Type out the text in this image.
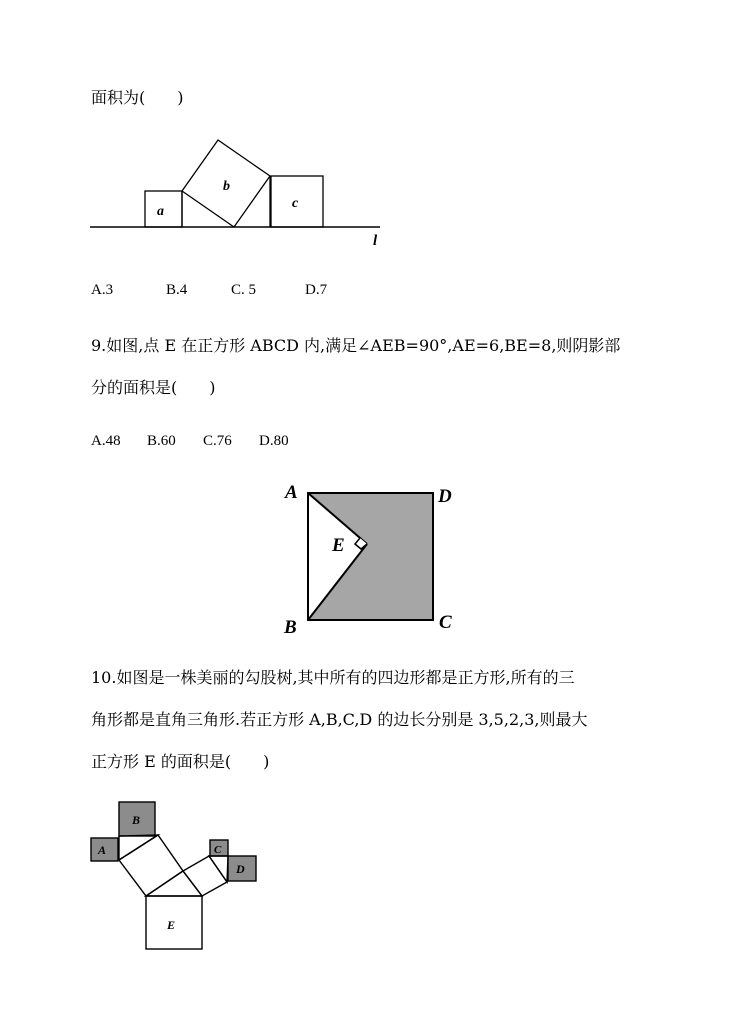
面积为(　　)
a
b
c
l
A.3	B.4	C. 5	D.7
9.如图,点 E 在正方形 ABCD 内,满足∠AEB=90°,AE=6,BE=8,则阴影部
分的面积是(　　)
A.48 B.60 C.76 D.80
A	D
E
B	C
10.如图是一株美丽的勾股树,其中所有的四边形都是正方形,所有的三
角形都是直角三角形.若正方形 A,B,C,D 的边长分别是 3,5,2,3,则最大
正方形 E 的面积是(　　)
A
B
C
D
E
